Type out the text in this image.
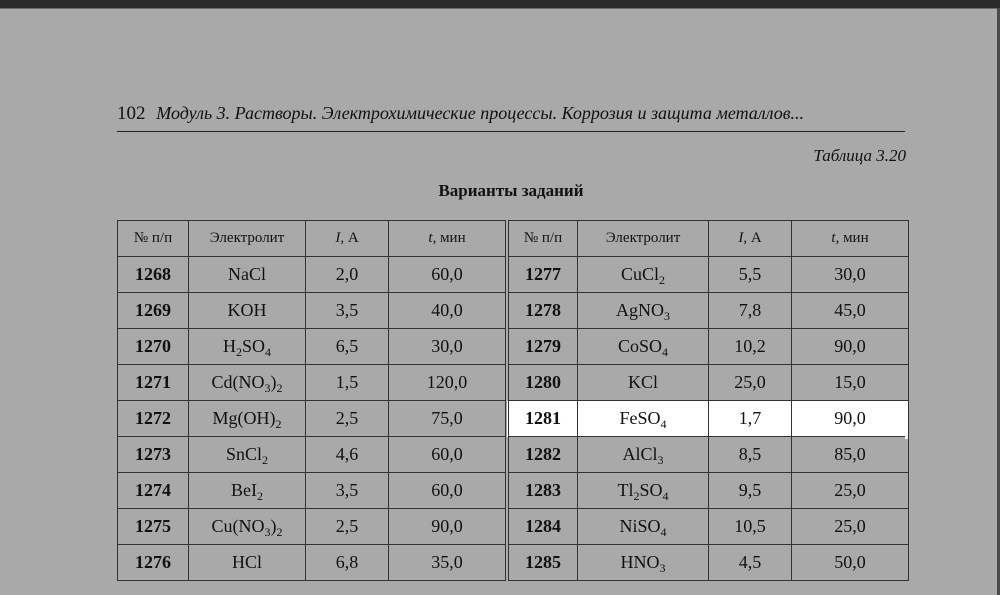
102 Модуль 3. Растворы. Электрохимические процессы. Коррозия и защита металлов...
Таблица 3.20
Варианты заданий
№ п/п	Электролит	I, А	t, мин	№ п/п	Электролит	I, А	t, мин
1268	NaCl	2,0	60,0	1277	CuCl$_2$	5,5	30,0
1269	KOH	3,5	40,0	1278	AgNO$_3$	7,8	45,0
1270	$H_2SO_4$	6,5	30,0	1279	CoSO$_4$	10,2	90,0
1271	$Cd(NO_3)_2$	1,5	120,0	1280	KCl	25,0	15,0
1272	$Mg(OH)_2$	2,5	75,0	1281	FeSO$_4$	1,7	90,0
1273	SnCl$_2$	4,6	60,0	1282	AlCl$_3$	8,5	85,0
1274	BeI$_2$	3,5	60,0	1283	$Tl_2SO_4$	9,5	25,0
1275	$Cu(NO_3)_2$	2,5	90,0	1284	NiSO$_4$	10,5	25,0
1276	HCl	6,8	35,0	1285	$HNO_3$	4,5	50,0
